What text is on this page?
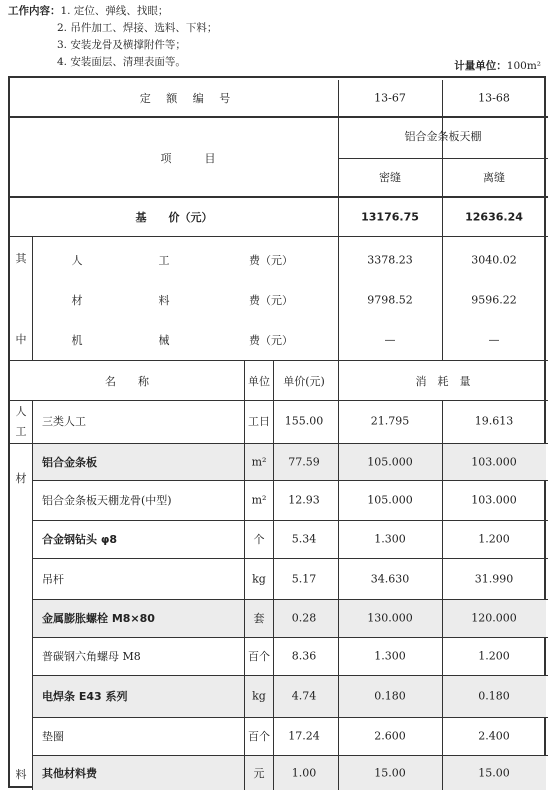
工作内容：1. 定位、弹线、找眼；
2. 吊件加工、焊接、选料、下料；
3. 安装龙骨及横撑附件等；
4. 安装面层、清理表面等。	计量单位：100m²
定 额 编 号	13-67	13-68
项　　　目
铝合金条板天棚
密缝	离缝
基　　价（元）	13176.75	12636.24
其
中
人	工	费（元）	3378.23	3040.02
材	料	费（元）	9798.52	9596.22
机	械	费（元）	—	—
名　　称	单位 单价(元)	消　耗　量
人
工
三类人工	工日 155.00	21.795	19.613
材
料
铝合金条板	m² 77.59	105.000	103.000
铝合金条板天棚龙骨(中型)	m² 12.93	105.000	103.000
合金钢钻头 φ8	个 5.34	1.300	1.200
吊杆	kg 5.17	34.630	31.990
金属膨胀螺栓 M8×80	套 0.28	130.000	120.000
普碳钢六角螺母 M8	百个 8.36	1.300	1.200
电焊条 E43 系列	kg 4.74	0.180	0.180
垫圈	百个 17.24	2.600	2.400
其他材料费	元 1.00	15.00	15.00
